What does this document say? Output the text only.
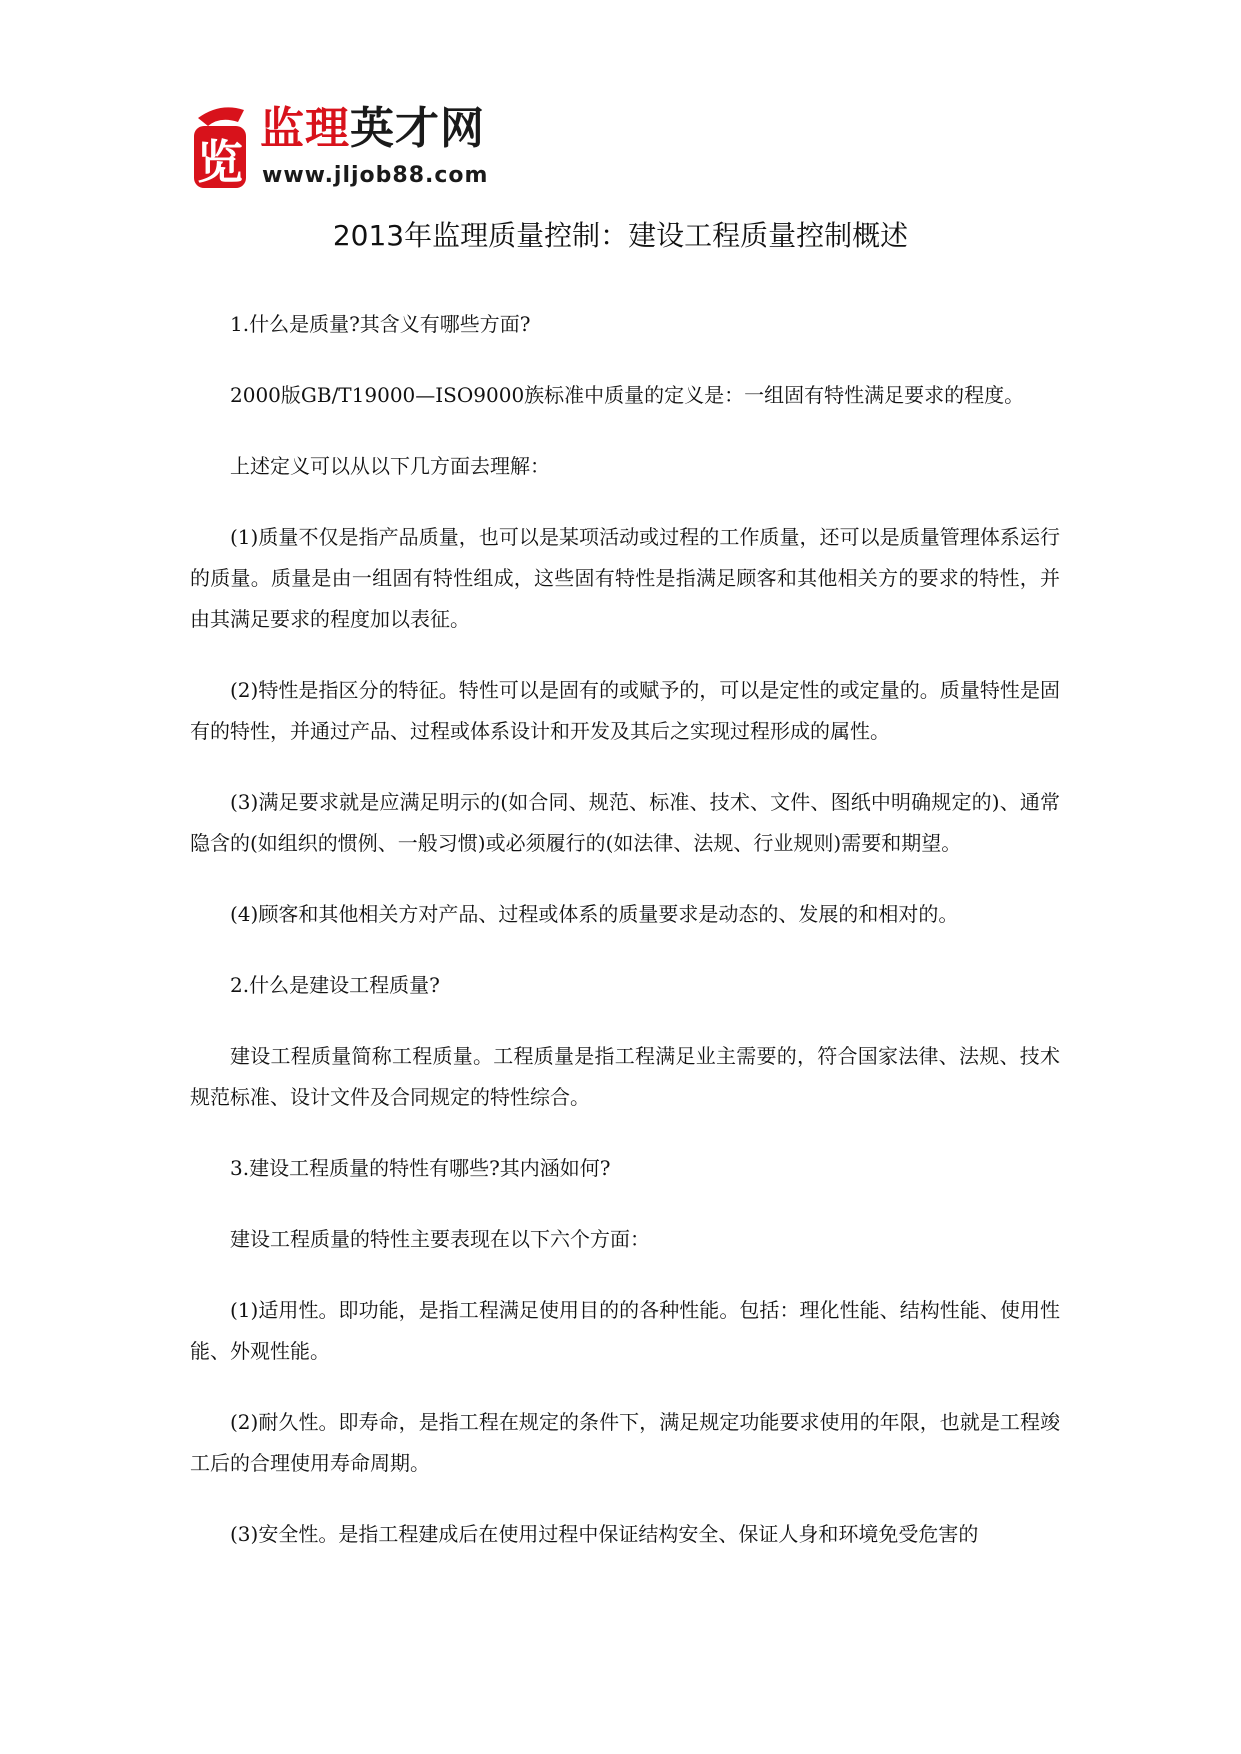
览
监理英才网
www.jljob88.com
2013年监理质量控制：建设工程质量控制概述

1.什么是质量?其含义有哪些方面?

2000版GB/T19000—ISO9000族标准中质量的定义是：一组固有特性满足要求的程度。

上述定义可以从以下几方面去理解：

(1)质量不仅是指产品质量，也可以是某项活动或过程的工作质量，还可以是质量管理体系运行的质量。质量是由一组固有特性组成，这些固有特性是指满足顾客和其他相关方的要求的特性，并由其满足要求的程度加以表征。

(2)特性是指区分的特征。特性可以是固有的或赋予的，可以是定性的或定量的。质量特性是固有的特性，并通过产品、过程或体系设计和开发及其后之实现过程形成的属性。

(3)满足要求就是应满足明示的(如合同、规范、标准、技术、文件、图纸中明确规定的)、通常隐含的(如组织的惯例、一般习惯)或必须履行的(如法律、法规、行业规则)需要和期望。

(4)顾客和其他相关方对产品、过程或体系的质量要求是动态的、发展的和相对的。

2.什么是建设工程质量?

建设工程质量简称工程质量。工程质量是指工程满足业主需要的，符合国家法律、法规、技术规范标准、设计文件及合同规定的特性综合。

3.建设工程质量的特性有哪些?其内涵如何?

建设工程质量的特性主要表现在以下六个方面：

(1)适用性。即功能，是指工程满足使用目的的各种性能。包括：理化性能、结构性能、使用性能、外观性能。

(2)耐久性。即寿命，是指工程在规定的条件下，满足规定功能要求使用的年限，也就是工程竣工后的合理使用寿命周期。

(3)安全性。是指工程建成后在使用过程中保证结构安全、保证人身和环境免受危害的
